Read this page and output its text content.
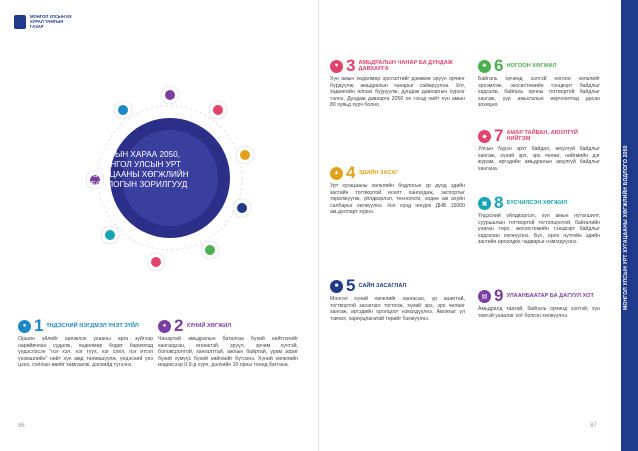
МОНГОЛ УЛСЫН ИХ ХУРАЛ ТАМГЫН ГАЗАР
АЛСЫН ХАРАА 2050, МОНГОЛ УЛСЫН УРТ ХУГАЦААНЫ ХӨГЖЛИЙН БОДЛОГЫН ЗОРИЛГУУД
● 1 ҮНДЭСНИЙ НЭГДМЭЛ ҮНЭТ ЗҮЙЛ
Оршин үйлийг шинжлэх ухааны арга зүйгээр нарийвчлан судалж, хөдөлмөр бодит баримтад үндэслэсэн "нэг хэл, нэг түүх, нэг соёл, нэг итгэл үнэмшлийн" нийт хүн амд төлөвшүүлж, үндэсний үнэ цэнэ, соёлын өвийг хамгаалж, дэлхийд түгээнэ.
● 2 ХҮНИЙ ХӨГЖИЛ
Чанартай амьдралын баталгаа бүхий нийтлэгийг хангагдсан, өгөөжтэй, эрүүл, эрчим хүчтэй, боловсролтой, хангалттай, ажлын байртай, урам зориг бүхий хүмүүс бүхий нийгмийг бүтээнэ. Хүний хөгжлийн индексээр 0.9-д хүрч, дэлхийн 10 орны тоонд багтана.
♥ 3 АМЬДРАЛЫН ЧАНАР БА ДУНДАЖ ДАВХАРГА
Хүн амын хөдөлмөр эрхлэлтийг дэмжиж эрүүл орчинг бүрдүүлж, амьдралын чанарыг сайжруулна. Хот, хөдөөгийн ялгааг бууруулж, дундаж давхаргын хүрээг тэлнэ. Дундаж давхарга 2050 он гэхэд нийт хүн амын 80 хувьд хүрч болно.
▲ 4 ЭДИЙН ЗАСАГ
Урт хугацааны хөгжлийн бодлогын үр дүнд эдийн засгийн тогтвортой өсөлт хангагдаж, экспортыг төрөлжүүлж, үйлдвэрлэл, технологи, хөдөө аж ахуйн салбарыг хөгжүүлнэ. Нэг хүнд ногдох ДНБ 15000 ам.долларт хүрнэ.
■ 5 САЙН ЗАСАГЛАЛ
Монгол хүний хөгжлийг хангасан, үр ашигтай, тогтвортой засаглал тогтоож, хүний эрх, эрх чөлөөг хангаж, иргэдийн оролцоог нэмэгдүүлнэ. Авлигыг үл тэвчих, хариуцлагатай төрийг бэхжүүлнэ.
♣ 6 НОГООН ХӨГЖИЛ
Байгаль орчинд ээлтэй ногоон хөгжлийг эрхэмлэж, экосистемийн тэнцвэрт байдлыг хадгалж, байгаль орчны тогтвортой байдлыг хангаж, уур амьсгалын өөрчлөлтөд дасан зохицно.
◆ 7 АМАР ТАЙВАН, АЮУЛГҮЙ НИЙГЭМ
Улсын бүрэн эрхт байдал, аюулгүй байдлыг хангаж, хүний эрх, эрх чөлөө, нийгмийн дэг журам, иргэдийн амьдралын аюулгүй байдлыг хангана.
▣ 8 БҮСЧИЛСЭН ХӨГЖИЛ
Үндэсний үйлдвэрлэл, хүн амын нутагшилт, суурьшлын тогтвортой тогтолцоотой, байгалийн унаган төрх, экосистемийн тэнцвэрт байдлыг хадгалан хөгжүүлнэ. Бүс, орон нутгийн эдийн засгийн өрсөлдөх чадварыг нэмэгдүүлнэ.
▤ 9 УЛААНБААТАР БА ДАГУУЛ ХОТ
Амьдралд таатай, байгаль орчинд ээлтэй, хүн төвтэй ухаалаг хот болгон хөгжүүлнэ.
МОНГОЛ УЛСЫН УРТ ХУГАЦААНЫ ХӨГЖЛИЙН БОДЛОГО 2050
86	87
